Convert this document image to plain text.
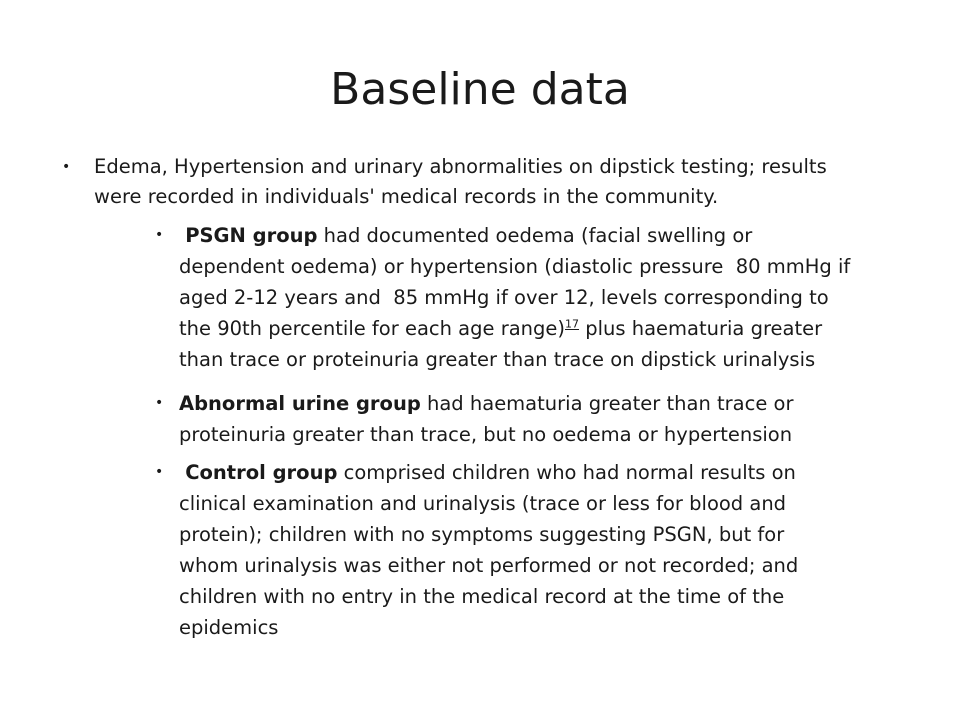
Baseline data
•	Edema, Hypertension and urinary abnormalities on dipstick testing; results
were recorded in individuals' medical records in the community.
•	PSGN group had documented oedema (facial swelling or
dependent oedema) or hypertension (diastolic pressure  80 mmHg if
aged 2-12 years and  85 mmHg if over 12, levels corresponding to
the 90th percentile for each age range)$^{17}$ plus haematuria greater
than trace or proteinuria greater than trace on dipstick urinalysis
• Abnormal urine group had haematuria greater than trace or
proteinuria greater than trace, but no oedema or hypertension
•	Control group comprised children who had normal results on
clinical examination and urinalysis (trace or less for blood and
protein); children with no symptoms suggesting PSGN, but for
whom urinalysis was either not performed or not recorded; and
children with no entry in the medical record at the time of the
epidemics
